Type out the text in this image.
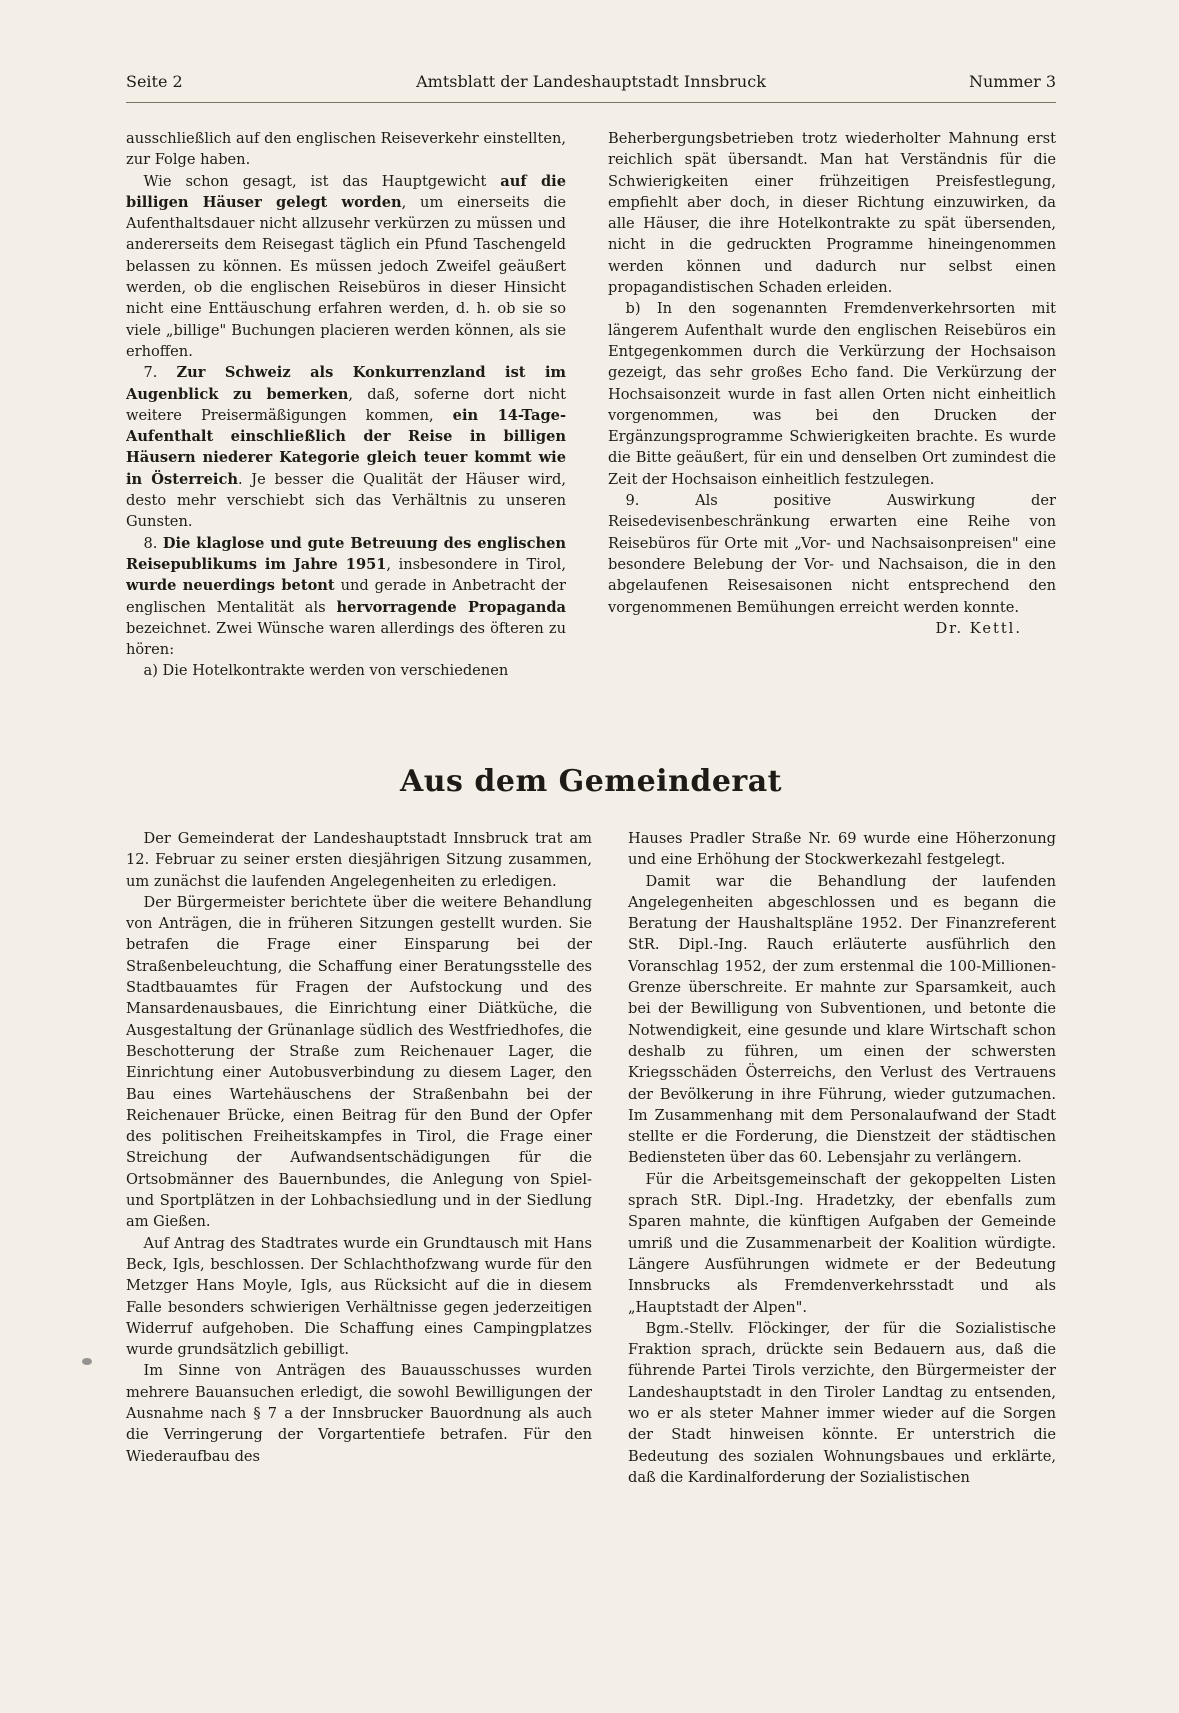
Seite 2	Amtsblatt der Landeshauptstadt Innsbruck	Nummer 3

ausschließlich auf den englischen Reiseverkehr einstellten, zur Folge haben.

Wie schon gesagt, ist das Hauptgewicht auf die billigen Häuser gelegt worden, um einerseits die Aufenthaltsdauer nicht allzusehr verkürzen zu müssen und andererseits dem Reisegast täglich ein Pfund Taschengeld belassen zu können. Es müssen jedoch Zweifel geäußert werden, ob die englischen Reisebüros in dieser Hinsicht nicht eine Enttäuschung erfahren werden, d. h. ob sie so viele „billige" Buchungen placieren werden können, als sie erhoffen.

7. Zur Schweiz als Konkurrenzland ist im Augenblick zu bemerken, daß, soferne dort nicht weitere Preisermäßigungen kommen, ein 14-Tage-Aufenthalt einschließlich der Reise in billigen Häusern niederer Kategorie gleich teuer kommt wie in Österreich. Je besser die Qualität der Häuser wird, desto mehr verschiebt sich das Verhältnis zu unseren Gunsten.

8. Die klaglose und gute Betreuung des englischen Reisepublikums im Jahre 1951, insbesondere in Tirol, wurde neuerdings betont und gerade in Anbetracht der englischen Mentalität als hervorragende Propaganda bezeichnet. Zwei Wünsche waren allerdings des öfteren zu hören:

a) Die Hotelkontrakte werden von verschiedenen

Beherbergungsbetrieben trotz wiederholter Mahnung erst reichlich spät übersandt. Man hat Verständnis für die Schwierigkeiten einer frühzeitigen Preisfestlegung, empfiehlt aber doch, in dieser Richtung einzuwirken, da alle Häuser, die ihre Hotelkontrakte zu spät übersenden, nicht in die gedruckten Programme hineingenommen werden können und dadurch nur selbst einen propagandistischen Schaden erleiden.

b) In den sogenannten Fremdenverkehrsorten mit längerem Aufenthalt wurde den englischen Reisebüros ein Entgegenkommen durch die Verkürzung der Hochsaison gezeigt, das sehr großes Echo fand. Die Verkürzung der Hochsaisonzeit wurde in fast allen Orten nicht einheitlich vorgenommen, was bei den Drucken der Ergänzungsprogramme Schwierigkeiten brachte. Es wurde die Bitte geäußert, für ein und denselben Ort zumindest die Zeit der Hochsaison einheitlich festzulegen.

9. Als positive Auswirkung der Reisedevisenbeschränkung erwarten eine Reihe von Reisebüros für Orte mit „Vor- und Nachsaisonpreisen" eine besondere Belebung der Vor- und Nachsaison, die in den abgelaufenen Reisesaisonen nicht entsprechend den vorgenommenen Bemühungen erreicht werden konnte.

Dr. Kettl.

Aus dem Gemeinderat

Der Gemeinderat der Landeshauptstadt Innsbruck trat am 12. Februar zu seiner ersten diesjährigen Sitzung zusammen, um zunächst die laufenden Angelegenheiten zu erledigen.

Der Bürgermeister berichtete über die weitere Behandlung von Anträgen, die in früheren Sitzungen gestellt wurden. Sie betrafen die Frage einer Einsparung bei der Straßenbeleuchtung, die Schaffung einer Beratungsstelle des Stadtbauamtes für Fragen der Aufstockung und des Mansardenausbaues, die Einrichtung einer Diätküche, die Ausgestaltung der Grünanlage südlich des Westfriedhofes, die Beschotterung der Straße zum Reichenauer Lager, die Einrichtung einer Autobusverbindung zu diesem Lager, den Bau eines Wartehäuschens der Straßenbahn bei der Reichenauer Brücke, einen Beitrag für den Bund der Opfer des politischen Freiheitskampfes in Tirol, die Frage einer Streichung der Aufwandsentschädigungen für die Ortsobmänner des Bauernbundes, die Anlegung von Spiel- und Sportplätzen in der Lohbachsiedlung und in der Siedlung am Gießen.

Auf Antrag des Stadtrates wurde ein Grundtausch mit Hans Beck, Igls, beschlossen. Der Schlachthofzwang wurde für den Metzger Hans Moyle, Igls, aus Rücksicht auf die in diesem Falle besonders schwierigen Verhältnisse gegen jederzeitigen Widerruf aufgehoben. Die Schaffung eines Campingplatzes wurde grundsätzlich gebilligt.

Im Sinne von Anträgen des Bauausschusses wurden mehrere Bauansuchen erledigt, die sowohl Bewilligungen der Ausnahme nach § 7 a der Innsbrucker Bauordnung als auch die Verringerung der Vorgartentiefe betrafen. Für den Wiederaufbau des

Hauses Pradler Straße Nr. 69 wurde eine Höherzonung und eine Erhöhung der Stockwerkezahl festgelegt.

Damit war die Behandlung der laufenden Angelegenheiten abgeschlossen und es begann die Beratung der Haushaltspläne 1952. Der Finanzreferent StR. Dipl.-Ing. Rauch erläuterte ausführlich den Voranschlag 1952, der zum erstenmal die 100-Millionen-Grenze überschreite. Er mahnte zur Sparsamkeit, auch bei der Bewilligung von Subventionen, und betonte die Notwendigkeit, eine gesunde und klare Wirtschaft schon deshalb zu führen, um einen der schwersten Kriegsschäden Österreichs, den Verlust des Vertrauens der Bevölkerung in ihre Führung, wieder gutzumachen. Im Zusammenhang mit dem Personalaufwand der Stadt stellte er die Forderung, die Dienstzeit der städtischen Bediensteten über das 60. Lebensjahr zu verlängern.

Für die Arbeitsgemeinschaft der gekoppelten Listen sprach StR. Dipl.-Ing. Hradetzky, der ebenfalls zum Sparen mahnte, die künftigen Aufgaben der Gemeinde umriß und die Zusammenarbeit der Koalition würdigte. Längere Ausführungen widmete er der Bedeutung Innsbrucks als Fremdenverkehrsstadt und als „Hauptstadt der Alpen".

Bgm.-Stellv. Flöckinger, der für die Sozialistische Fraktion sprach, drückte sein Bedauern aus, daß die führende Partei Tirols verzichte, den Bürgermeister der Landeshauptstadt in den Tiroler Landtag zu entsenden, wo er als steter Mahner immer wieder auf die Sorgen der Stadt hinweisen könnte. Er unterstrich die Bedeutung des sozialen Wohnungsbaues und erklärte, daß die Kardinalforderung der Sozialistischen
